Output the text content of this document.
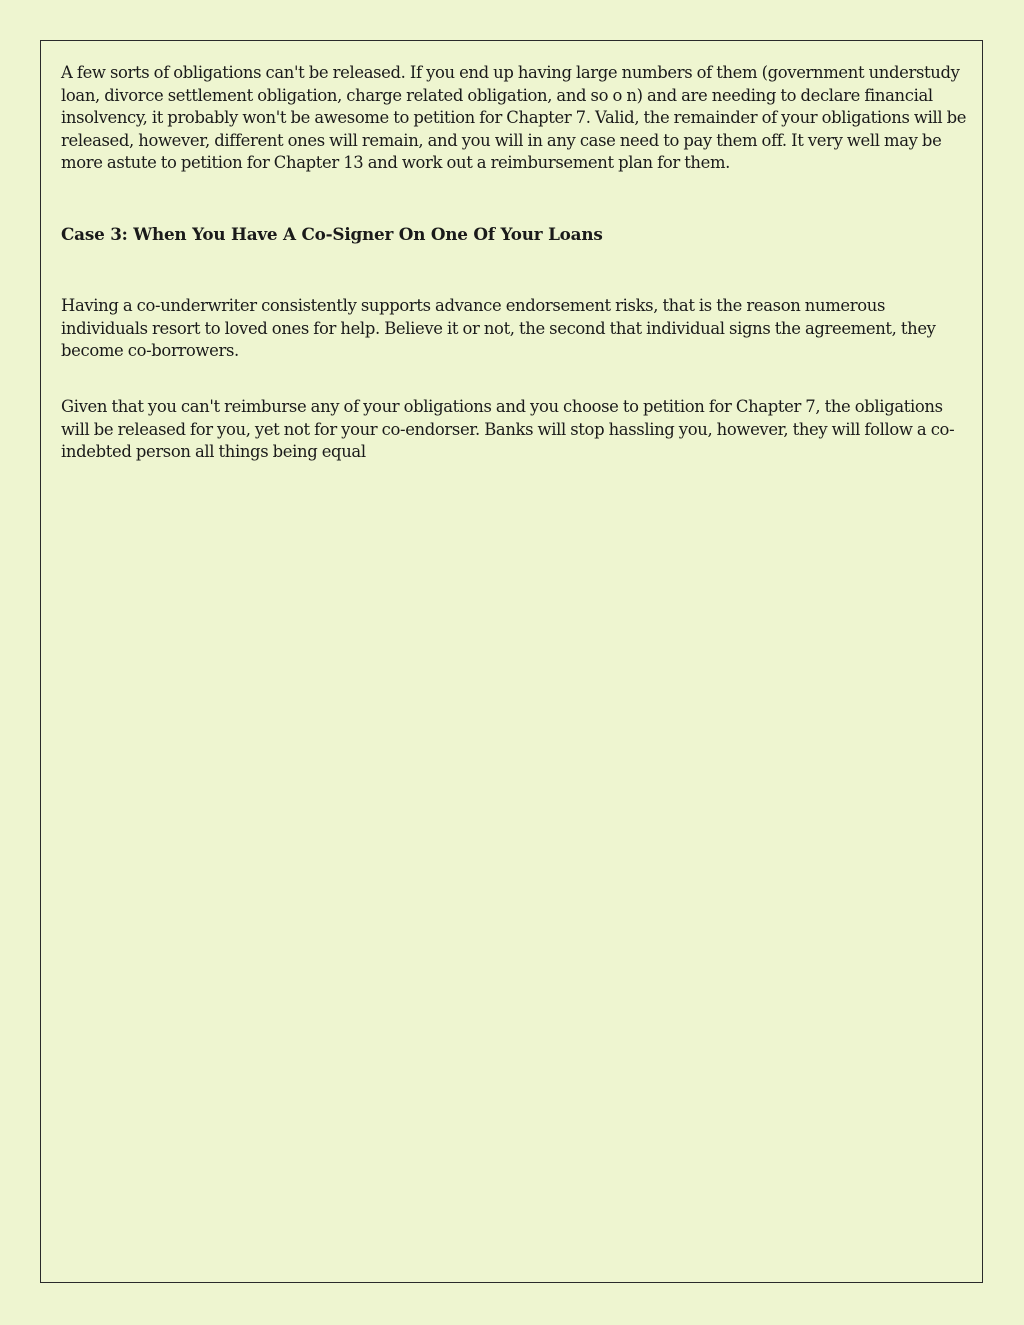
A few sorts of obligations can't be released. If you end up having large numbers of them (government understudy loan, divorce settlement obligation, charge related obligation, and so o n) and are needing to declare financial insolvency, it probably won't be awesome to petition for Chapter 7. Valid, the remainder of your obligations will be released, however, different ones will remain, and you will in any case need to pay them off. It very well may be more astute to petition for Chapter 13 and work out a reimbursement plan for them.

Case 3: When You Have A Co-Signer On One Of Your Loans

Having a co-underwriter consistently supports advance endorsement risks, that is the reason numerous individuals resort to loved ones for help. Believe it or not, the second that individual signs the agreement, they become co-borrowers.

Given that you can't reimburse any of your obligations and you choose to petition for Chapter 7, the obligations will be released for you, yet not for your co-endorser. Banks will stop hassling you, however, they will follow a co-indebted person all things being equal
